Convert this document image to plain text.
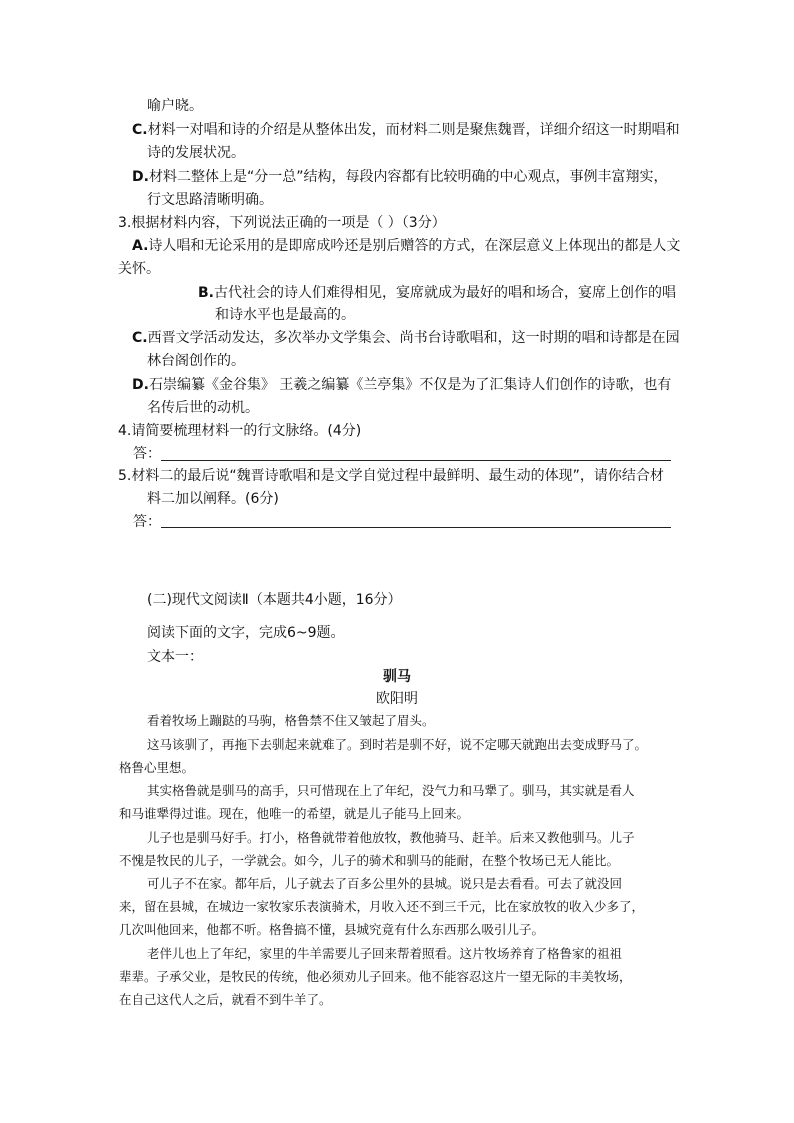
喻户晓。
C.材料一对唱和诗的介绍是从整体出发，而材料二则是聚焦魏晋，详细介绍这一时期唱和
诗的发展状况。
D.材料二整体上是“分一总”结构，每段内容都有比较明确的中心观点，事例丰富翔实，
行文思路清晰明确。
3.根据材料内容，下列说法正确的一项是（ ）（3分）
A.诗人唱和无论采用的是即席成吟还是别后赠答的方式，在深层意义上体现出的都是人文
关怀。
B.古代社会的诗人们难得相见，宴席就成为最好的唱和场合，宴席上创作的唱
和诗水平也是最高的。
C.西晋文学活动发达，多次举办文学集会、尚书台诗歌唱和，这一时期的唱和诗都是在园
林台阁创作的。
D.石崇编纂《金谷集》 王羲之编纂《兰亭集》不仅是为了汇集诗人们创作的诗歌，也有
名传后世的动机。
4.请简要梳理材料一的行文脉络。(4分)
答：
5.材料二的最后说“魏晋诗歌唱和是文学自觉过程中最鲜明、最生动的体现”，请你结合材
料二加以阐释。(6分)
答：
(二)现代文阅读Ⅱ（本题共4小题，16分）
阅读下面的文字，完成6~9题。
文本一：
驯马
欧阳明
看着牧场上蹦跶的马驹，格鲁禁不住又皱起了眉头。
这马该驯了，再拖下去驯起来就难了。到时若是驯不好，说不定哪天就跑出去变成野马了。
格鲁心里想。
其实格鲁就是驯马的高手，只可惜现在上了年纪，没气力和马犟了。驯马，其实就是看人
和马谁犟得过谁。现在，他唯一的希望，就是儿子能马上回来。
儿子也是驯马好手。打小，格鲁就带着他放牧，教他骑马、赶羊。后来又教他驯马。儿子
不愧是牧民的儿子，一学就会。如今，儿子的骑术和驯马的能耐，在整个牧场已无人能比。
可儿子不在家。都年后，儿子就去了百多公里外的县城。说只是去看看。可去了就没回
来，留在县城，在城边一家牧家乐表演骑术，月收入还不到三千元，比在家放牧的收入少多了，
几次叫他回来，他都不听。格鲁搞不懂，县城究竟有什么东西那么吸引儿子。
老伴儿也上了年纪，家里的牛羊需要儿子回来帮着照看。这片牧场养育了格鲁家的祖祖
辈辈。子承父业，是牧民的传统，他必须劝儿子回来。他不能容忍这片一望无际的丰美牧场，
在自己这代人之后，就看不到牛羊了。
